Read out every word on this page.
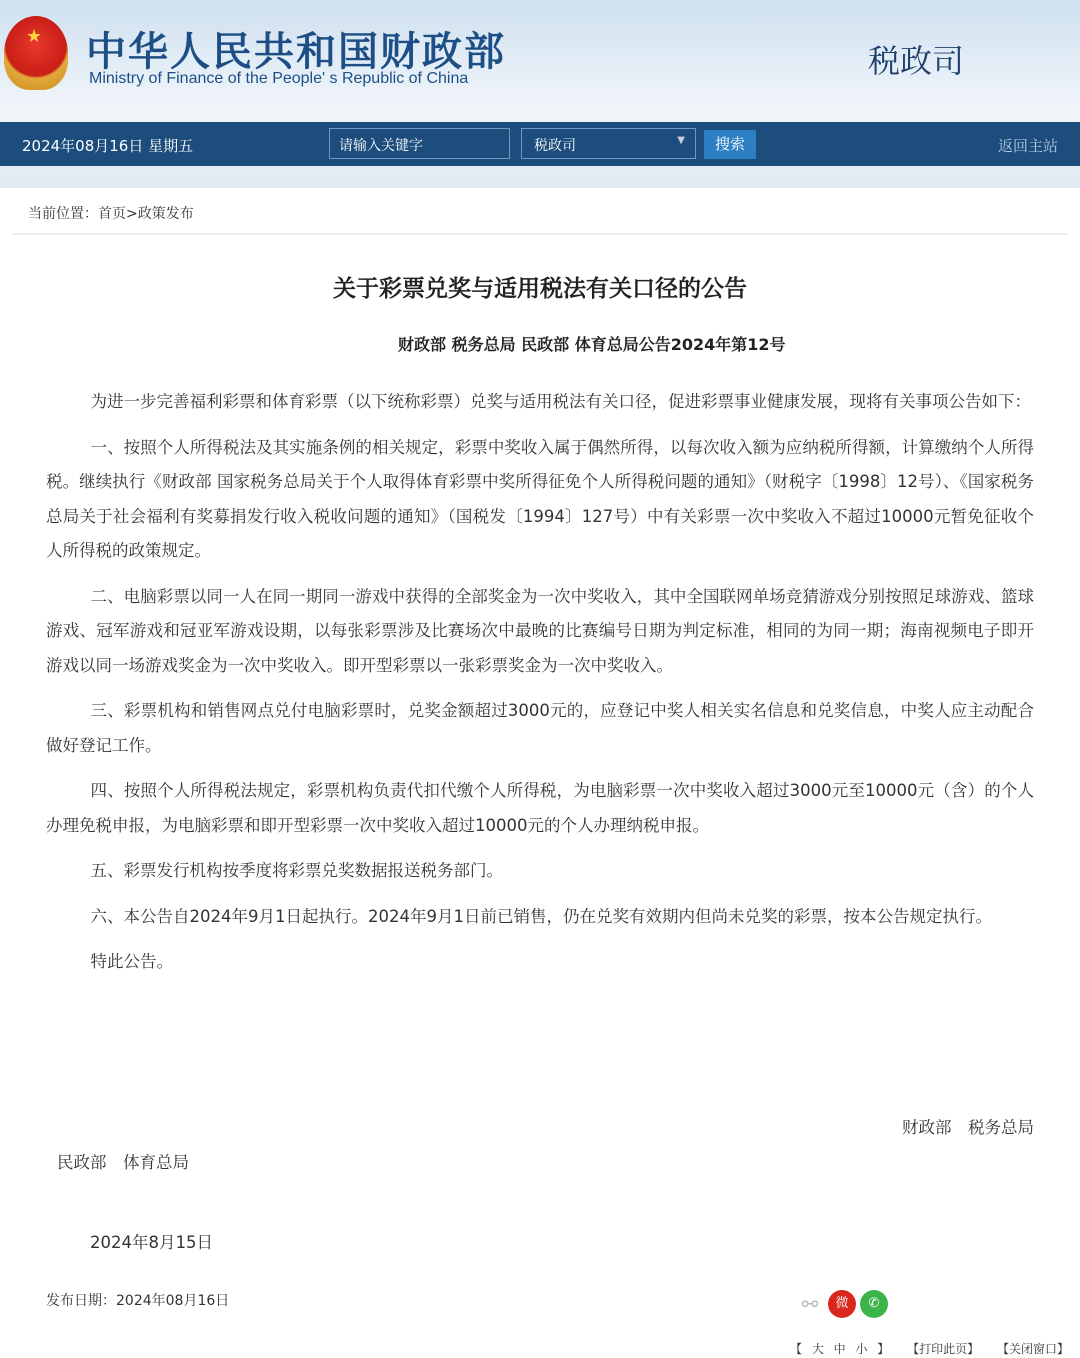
★
中华人民共和国财政部
Ministry of Finance of the People' s Republic of China	税政司
2024年08月16日 星期五	请输入关键字	税政司	▼	搜索	返回主站
当前位置：首页>政策发布
关于彩票兑奖与适用税法有关口径的公告
财政部 税务总局 民政部 体育总局公告2024年第12号

为进一步完善福利彩票和体育彩票（以下统称彩票）兑奖与适用税法有关口径，促进彩票事业健康发展，现将有关事项公告如下：

一、按照个人所得税法及其实施条例的相关规定，彩票中奖收入属于偶然所得，以每次收入额为应纳税所得额，计算缴纳个人所得税。继续执行《财政部 国家税务总局关于个人取得体育彩票中奖所得征免个人所得税问题的通知》（财税字〔1998〕12号）、《国家税务总局关于社会福利有奖募捐发行收入税收问题的通知》（国税发〔1994〕127号）中有关彩票一次中奖收入不超过10000元暂免征收个人所得税的政策规定。

二、电脑彩票以同一人在同一期同一游戏中获得的全部奖金为一次中奖收入，其中全国联网单场竞猜游戏分别按照足球游戏、篮球游戏、冠军游戏和冠亚军游戏设期，以每张彩票涉及比赛场次中最晚的比赛编号日期为判定标准，相同的为同一期；海南视频电子即开游戏以同一场游戏奖金为一次中奖收入。即开型彩票以一张彩票奖金为一次中奖收入。

三、彩票机构和销售网点兑付电脑彩票时，兑奖金额超过3000元的，应登记中奖人相关实名信息和兑奖信息，中奖人应主动配合做好登记工作。

四、按照个人所得税法规定，彩票机构负责代扣代缴个人所得税，为电脑彩票一次中奖收入超过3000元至10000元（含）的个人办理免税申报，为电脑彩票和即开型彩票一次中奖收入超过10000元的个人办理纳税申报。

五、彩票发行机构按季度将彩票兑奖数据报送税务部门。

六、本公告自2024年9月1日起执行。2024年9月1日前已销售，仍在兑奖有效期内但尚未兑奖的彩票，按本公告规定执行。

特此公告。

财政部　税务总局
民政部　体育总局
2024年8月15日
发布日期：2024年08月16日	⚯	微	✆
【 大 中 小 】 【打印此页】 【关闭窗口】
